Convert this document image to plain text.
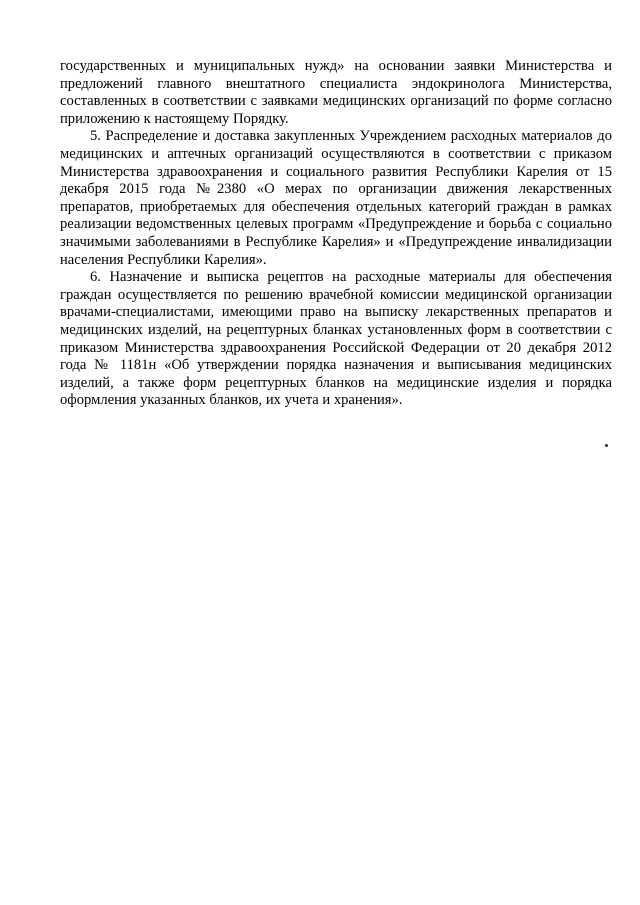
государственных и муниципальных нужд» на основании заявки Министерства и предложений главного внештатного специалиста эндокринолога Министерства, составленных в соответствии с заявками медицинских организаций по форме согласно приложению к настоящему Порядку.

5. Распределение и доставка закупленных Учреждением расходных материалов до медицинских и аптечных организаций осуществляются в соответствии с приказом Министерства здравоохранения и социального развития Республики Карелия от 15 декабря 2015 года №2380 «О мерах по организации движения лекарственных препаратов, приобретаемых для обеспечения отдельных категорий граждан в рамках реализации ведомственных целевых программ «Предупреждение и борьба с социально значимыми заболеваниями в Республике Карелия» и «Предупреждение инвалидизации населения Республики Карелия».

6. Назначение и выписка рецептов на расходные материалы для обеспечения граждан осуществляется по решению врачебной комиссии медицинской организации врачами-специалистами, имеющими право на выписку лекарственных препаратов и медицинских изделий, на рецептурных бланках установленных форм в соответствии с приказом Министерства здравоохранения Российской Федерации от 20 декабря 2012 года № 1181н «Об утверждении порядка назначения и выписывания медицинских изделий, а также форм рецептурных бланков на медицинские изделия и порядка оформления указанных бланков, их учета и хранения».
